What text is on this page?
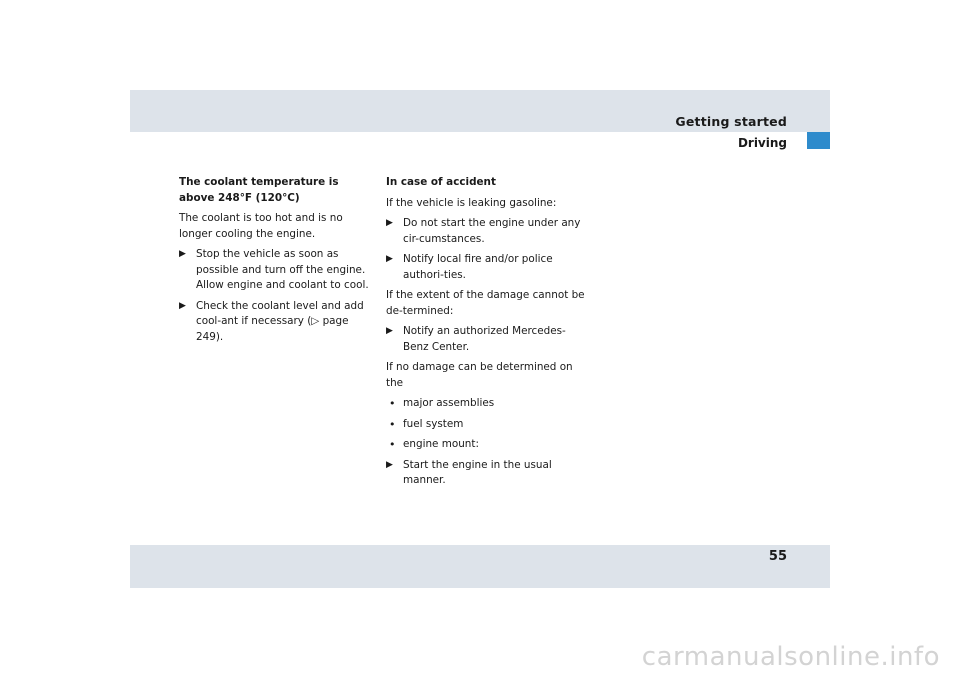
Getting started
Driving

The coolant temperature is
above 248°F (120°C)

The coolant is too hot and is no longer cooling the engine.

▶ Stop the vehicle as soon as possible and turn off the engine. Allow engine and coolant to cool.
▶ Check the coolant level and add cool-ant if necessary (▷ page 249).

In case of accident

If the vehicle is leaking gasoline:

▶ Do not start the engine under any cir-cumstances.
▶ Notify local fire and/or police authori-ties.

If the extent of the damage cannot be de-termined:

▶ Notify an authorized Mercedes-Benz Center.

If no damage can be determined on the

• major assemblies
• fuel system
• engine mount:
▶ Start the engine in the usual manner.
55
carmanualsonline.info
